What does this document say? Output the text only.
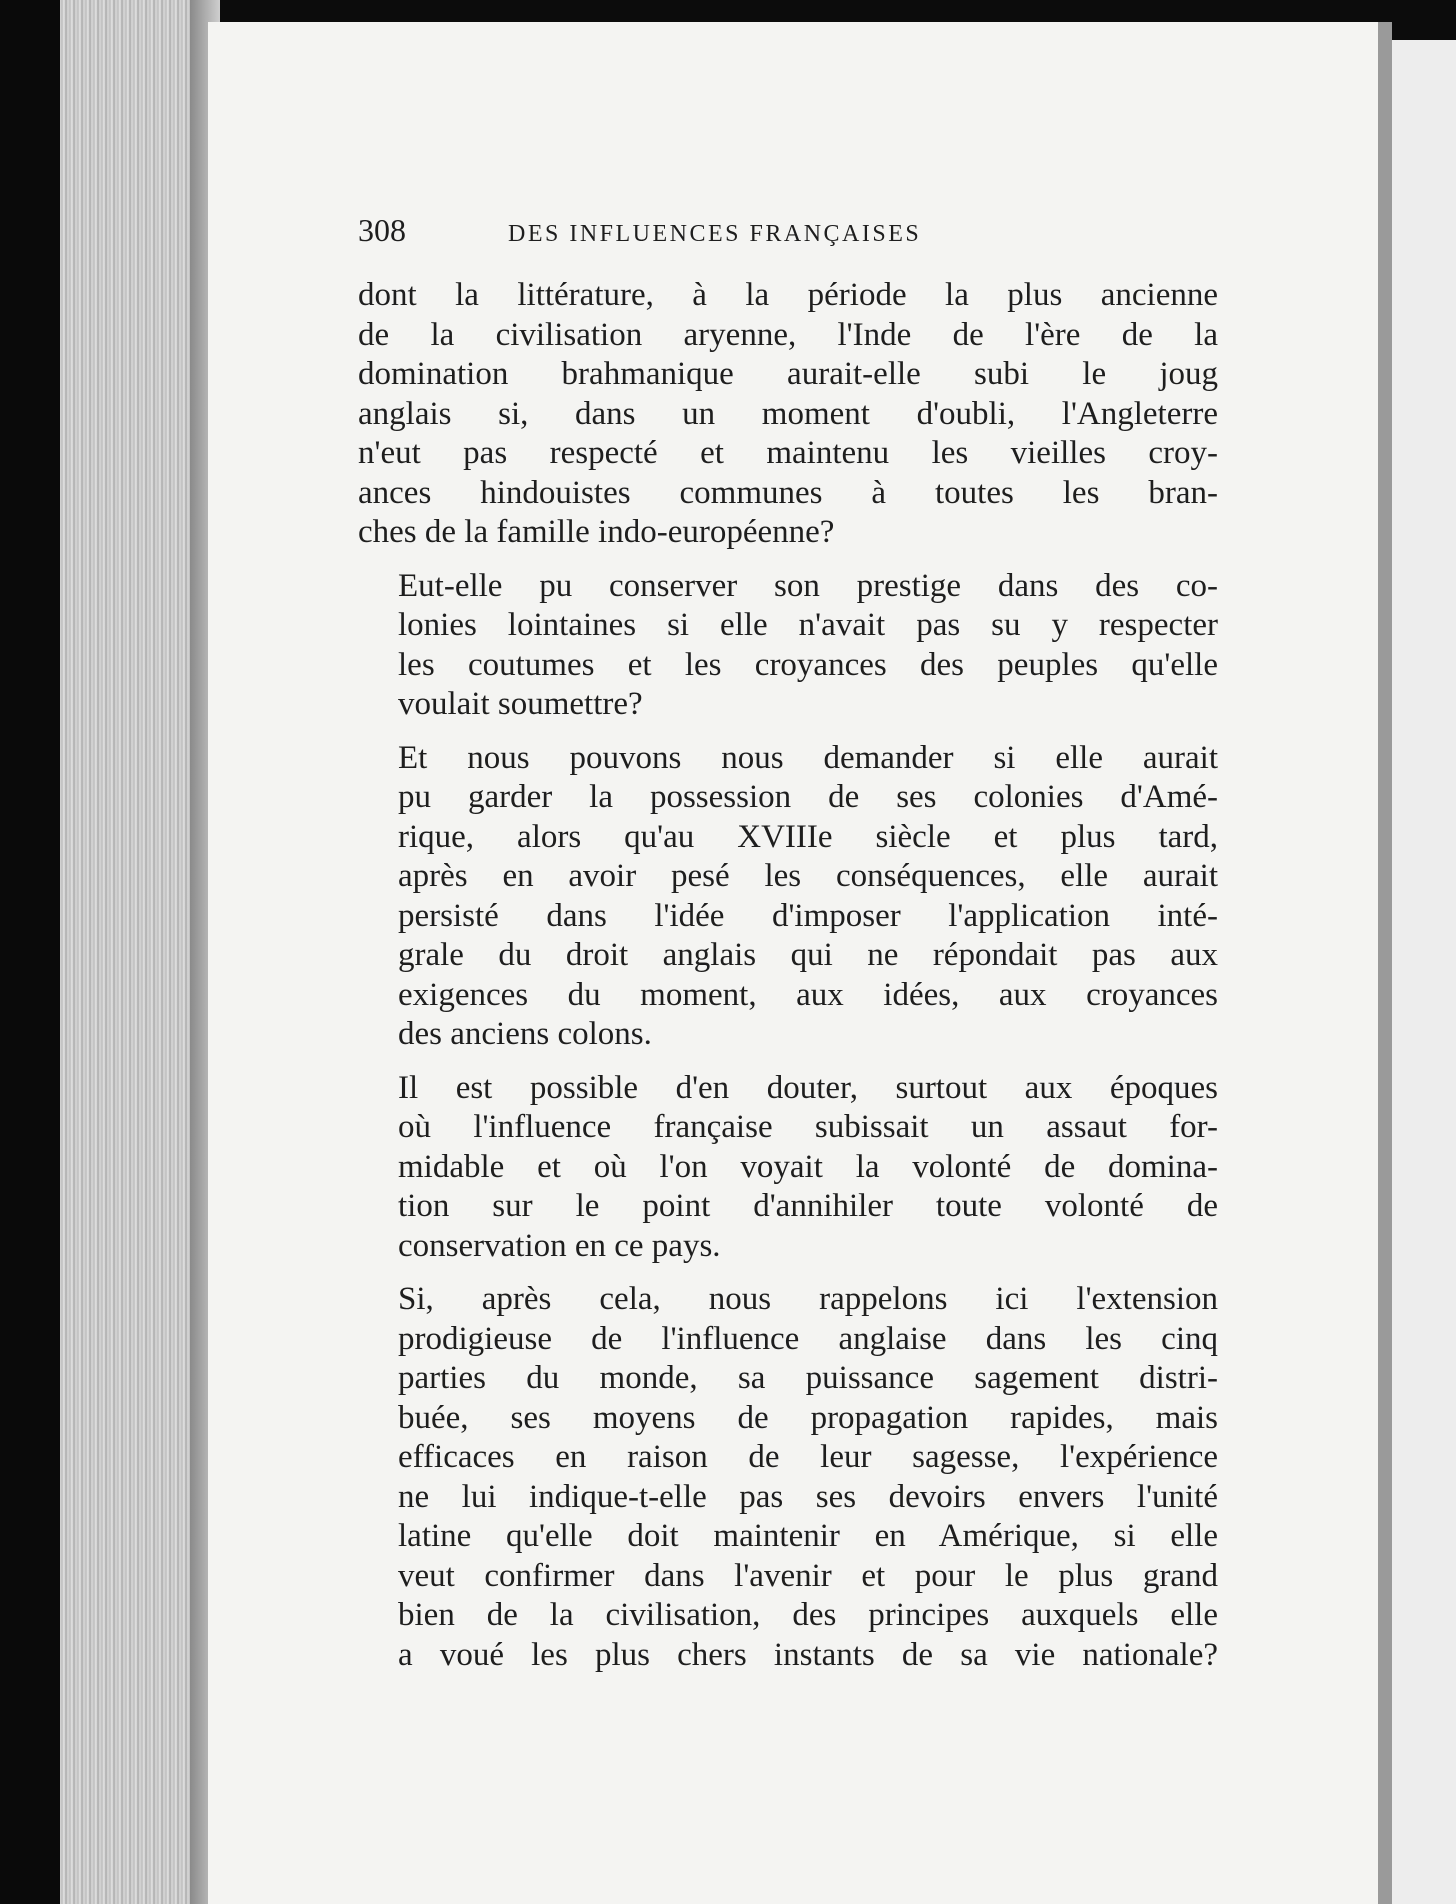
308	DES INFLUENCES FRANÇAISES
dont la littérature, à la période la plus ancienne
de la civilisation aryenne, l'Inde de l'ère de la
domination brahmanique aurait-elle subi le joug
anglais si, dans un moment d'oubli, l'Angleterre
n'eut pas respecté et maintenu les vieilles croy-
ances hindouistes communes à toutes les bran-
ches de la famille indo-européenne?
Eut-elle pu conserver son prestige dans des co-
lonies lointaines si elle n'avait pas su y respecter
les coutumes et les croyances des peuples qu'elle
voulait soumettre?
Et nous pouvons nous demander si elle aurait
pu garder la possession de ses colonies d'Amé-
rique, alors qu'au XVIIIe siècle et plus tard,
après en avoir pesé les conséquences, elle aurait
persisté dans l'idée d'imposer l'application inté-
grale du droit anglais qui ne répondait pas aux
exigences du moment, aux idées, aux croyances
des anciens colons.
Il est possible d'en douter, surtout aux époques
où l'influence française subissait un assaut for-
midable et où l'on voyait la volonté de domina-
tion sur le point d'annihiler toute volonté de
conservation en ce pays.
Si, après cela, nous rappelons ici l'extension
prodigieuse de l'influence anglaise dans les cinq
parties du monde, sa puissance sagement distri-
buée, ses moyens de propagation rapides, mais
efficaces en raison de leur sagesse, l'expérience
ne lui indique-t-elle pas ses devoirs envers l'unité
latine qu'elle doit maintenir en Amérique, si elle
veut confirmer dans l'avenir et pour le plus grand
bien de la civilisation, des principes auxquels elle
a voué les plus chers instants de sa vie nationale?
